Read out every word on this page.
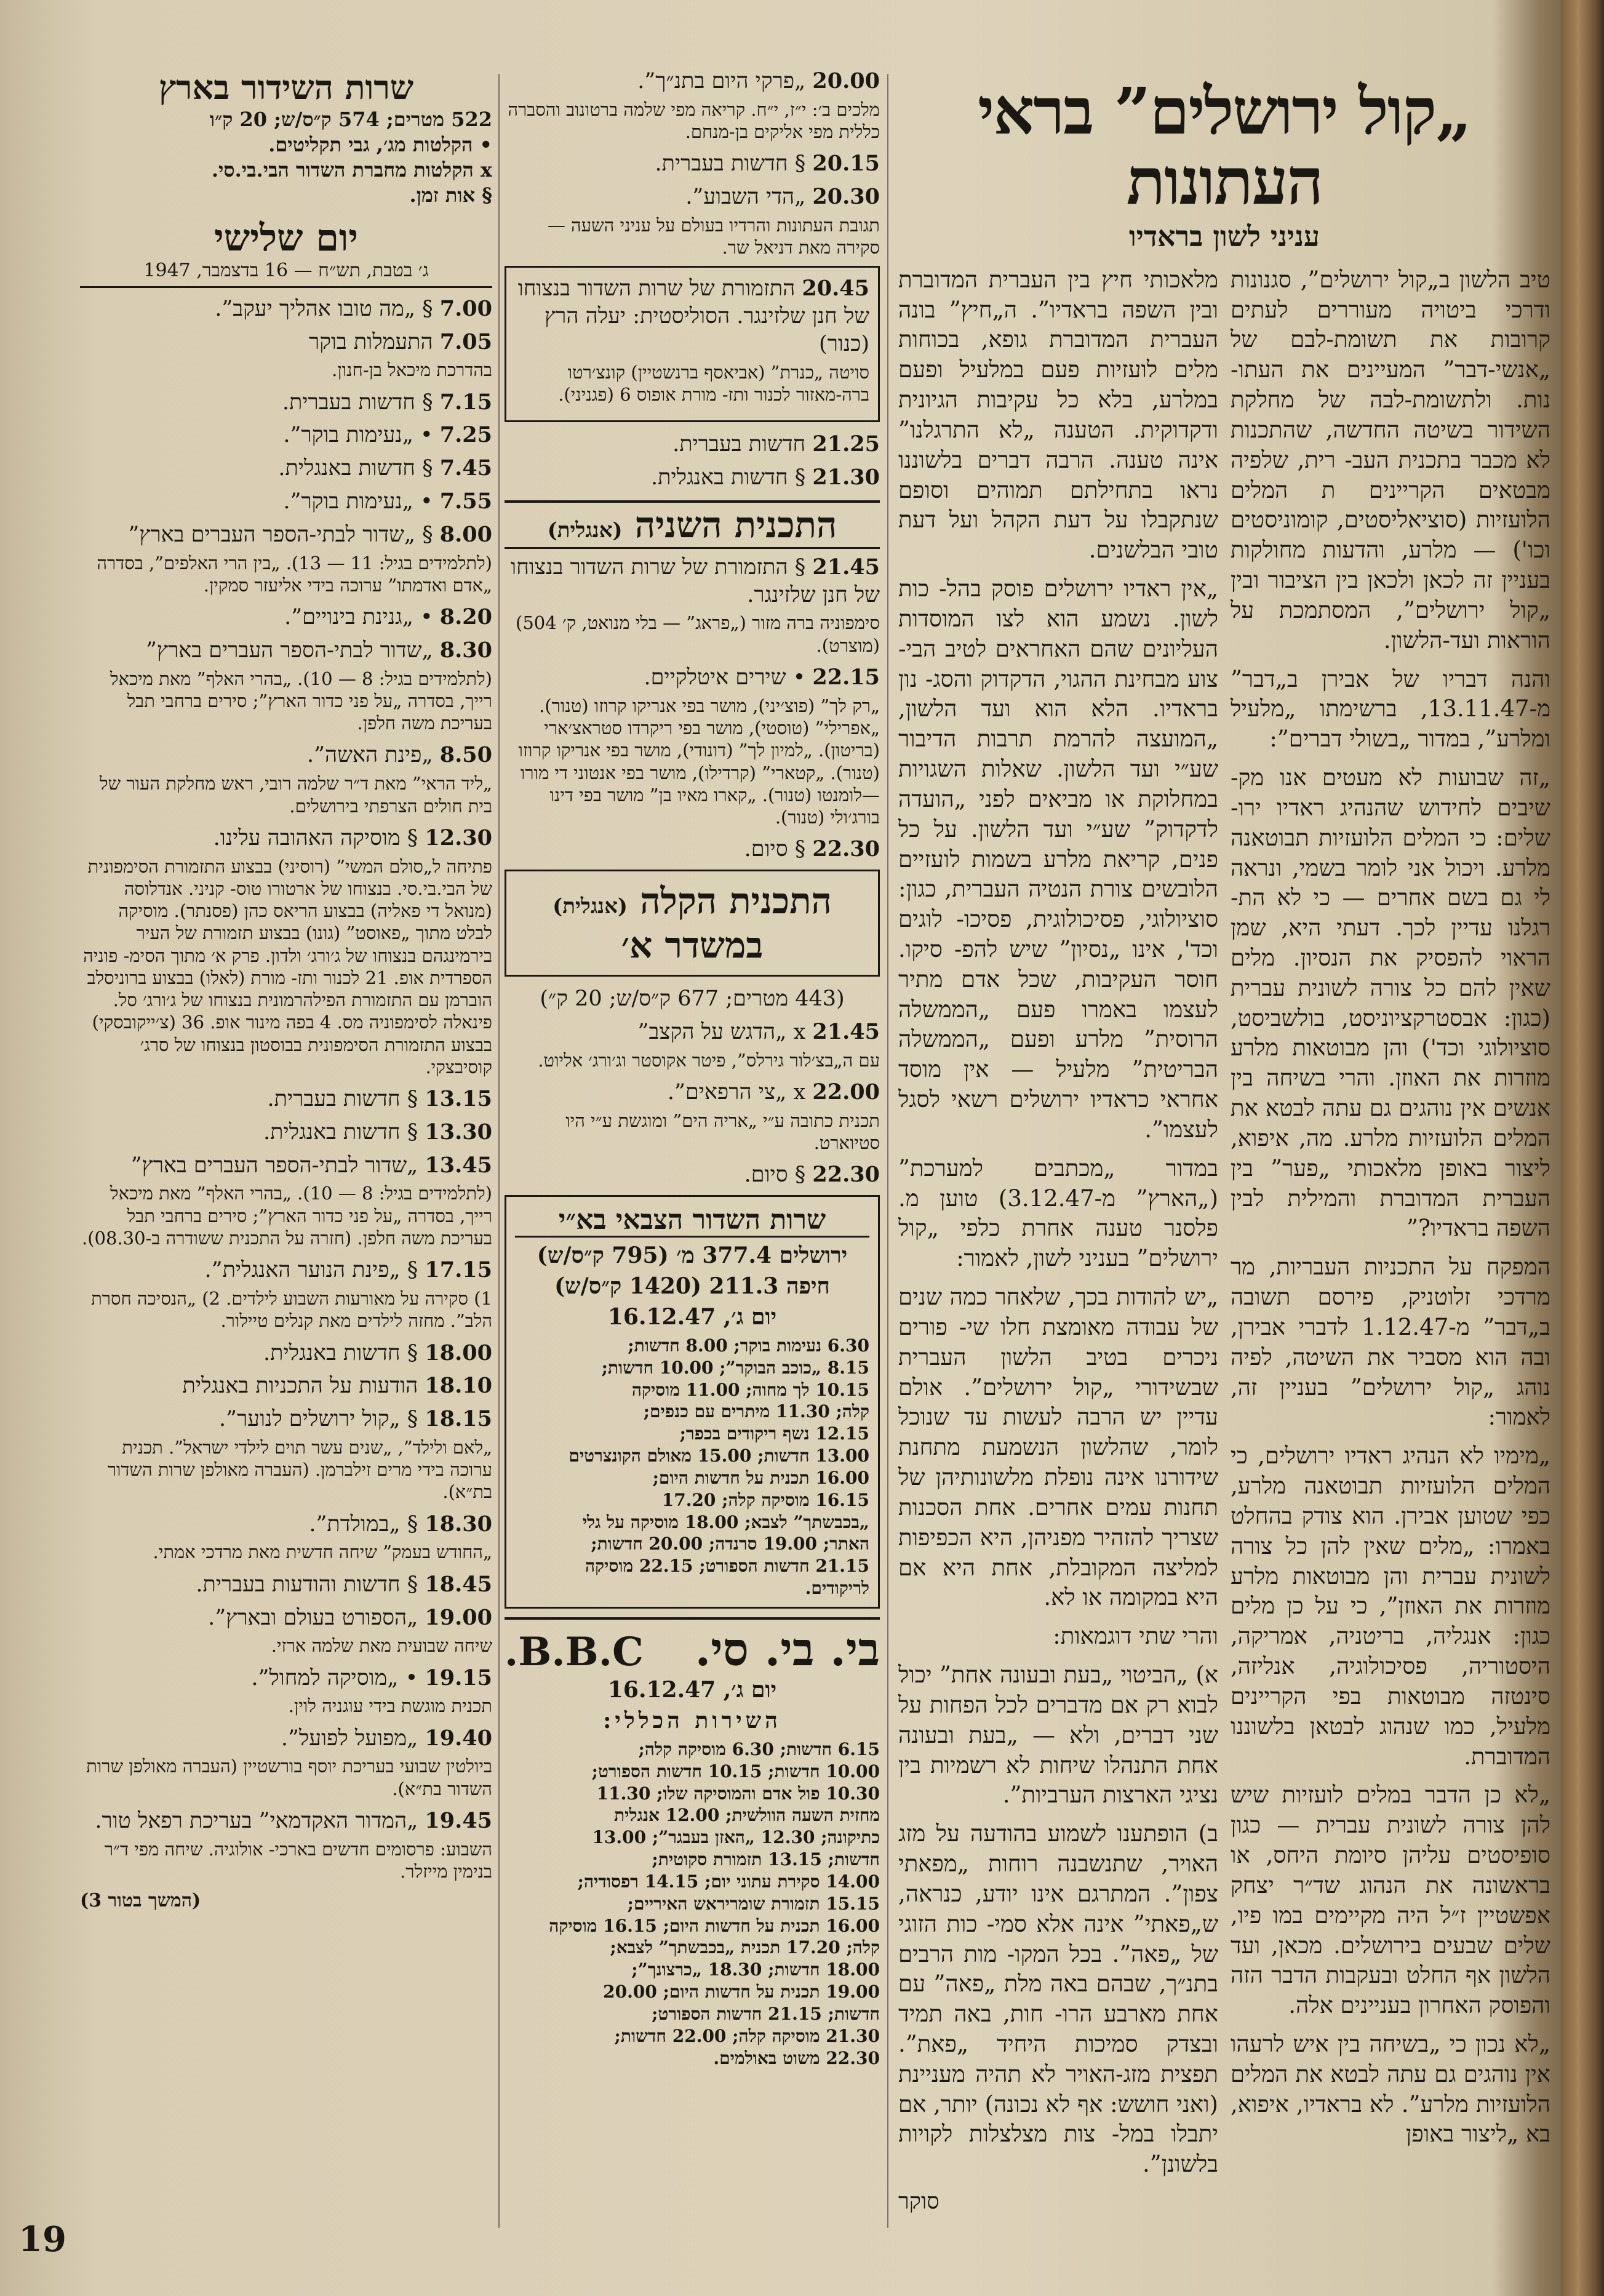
„קול ירושלים” בראי העתונות
עניני לשון בראדיו

טיב הלשון ב„קול ירושלים”, סגנונות ודרכי ביטויה מעוררים לעתים קרובות את תשומת-לבם של „אנשי-דבר” המעיינים את העתו- נות. ולתשומת-לבה של מחלקת השידור בשיטה החדשה, שהתכנות לא מכבר בתכנית העב- רית, שלפיה מבטאים הקריינים ת המלים הלועזיות (סוציאליסטים, קומוניסטים וכו') — מלרע, והדעות מחולקות בעניין זה לכאן ולכאן בין הציבור ובין „קול ירושלים”, המסתמכת על הוראות ועד-הלשון.

והנה דבריו של אבירן ב„דבר” מ-13.11.47, ברשימתו „מלעיל ומלרע”, במדור „בשולי דברים”:

„זה שבועות לא מעטים אנו מק- שיבים לחידוש שהנהיג ראדיו ירו- שלים: כי המלים הלועזיות תבוטאנה מלרע. ויכול אני לומר בשמי, ונראה לי גם בשם אחרים — כי לא הת- רגלנו עדיין לכך. דעתי היא, שמן הראוי להפסיק את הנסיון. מלים שאין להם כל צורה לשונית עברית (כגון: אבסטרקציוניסט, בולשביסט, סוציולוגי וכד') והן מבוטאות מלרע מוזרות את האוזן. והרי בשיחה בין אנשים אין נוהגים גם עתה לבטא את המלים הלועזיות מלרע. מה, איפוא, ליצור באופן מלאכותי „פער” בין העברית המדוברת והמילית לבין השפה בראדיו?”

המפקח על התכניות העבריות, מר מרדכי זלוטניק, פירסם תשובה ב„דבר” מ-1.12.47 לדברי אבירן, ובה הוא מסביר את השיטה, לפיה נוהג „קול ירושלים” בעניין זה, לאמור:

„מימיו לא הנהיג ראדיו ירושלים, כי המלים הלועזיות תבוטאנה מלרע, כפי שטוען אבירן. הוא צודק בהחלט באמרו: „מלים שאין להן כל צורה לשונית עברית והן מבוטאות מלרע מוזרות את האוזן”, כי על כן מלים כגון: אנגליה, בריטניה, אמריקה, היסטוריה, פסיכולוגיה, אנליזה, סינטזה מבוטאות בפי הקריינים מלעיל, כמו שנהוג לבטאן בלשוננו המדוברת.

„לא כן הדבר במלים לועזיות שיש להן צורה לשונית עברית — כגון סופיסטים עליהן סיומת היחס, או בראשונה את הנהוג שד״ר יצחק אפשטיין ז״ל היה מקיימים במו פיו, שלים שבעים בירושלים. מכאן, ועד הלשון אף החלט ובעקבות הדבר הזה והפוסק האחרון בעניינים אלה.

„לא נכון כי „בשיחה בין איש לרעהו אין נוהגים גם עתה לבטא את המלים הלועזיות מלרע”. לא בראדיו, איפוא, בא „ליצור באופן

מלאכותי חיץ בין העברית המדוברת ובין השפה בראדיו”. ה„חיץ” בונה העברית המדוברת גופא, בכוחות מלים לועזיות פעם במלעיל ופעם במלרע, בלא כל עקיבות הגיונית ודקדוקית. הטענה „לא התרגלנו” אינה טענה. הרבה דברים בלשוננו נראו בתחילתם תמוהים וסופם שנתקבלו על דעת הקהל ועל דעת טובי הבלשנים.

„אין ראדיו ירושלים פוסק בהל- כות לשון. נשמע הוא לצו המוסדות העליונים שהם האחראים לטיב הבי- צוע מבחינת ההגוי, הדקדוק והסג- נון בראדיו. הלא הוא ועד הלשון, „המועצה להרמת תרבות הדיבור שע״י ועד הלשון. שאלות השגויות במחלוקת או מביאים לפני „הועדה לדקדוק” שע״י ועד הלשון. על כל פנים, קריאת מלרע בשמות לועזיים הלובשים צורת הנטיה העברית, כגון: סוציולוגי, פסיכולוגית, פסיכו- לוגים וכד', אינו „נסיון” שיש להפ- סיקו. חוסר העקיבות, שכל אדם מתיר לעצמו באמרו פעם „הממשלה הרוסית” מלרע ופעם „הממשלה הבריטית” מלעיל — אין מוסד אחראי כראדיו ירושלים רשאי לסגל לעצמו”.

במדור „מכתבים למערכת” („הארץ” מ-3.12.47) טוען מ. פלסנר טענה אחרת כלפי „קול ירושלים” בעניני לשון, לאמור:

„יש להודות בכך, שלאחר כמה שנים של עבודה מאומצת חלו שי- פורים ניכרים בטיב הלשון העברית שבשידורי „קול ירושלים”. אולם עדיין יש הרבה לעשות עד שנוכל לומר, שהלשון הנשמעת מתחנת שידורנו אינה נופלת מלשונותיהן של תחנות עמים אחרים. אחת הסכנות שצריך להזהיר מפניהן, היא הכפיפות למליצה המקובלת, אחת היא אם היא במקומה או לא.

והרי שתי דוגמאות:

א) „הביטוי „בעת ובעונה אחת” יכול לבוא רק אם מדברים לכל הפחות על שני דברים, ולא — „בעת ובעונה אחת התנהלו שיחות לא רשמיות בין נציגי הארצות הערביות”.

ב) הופתענו לשמוע בהודעה על מזג האויר, שתנשבנה רוחות „מפאתי צפון”. המתרגם אינו יודע, כנראה, ש„פאתי” אינה אלא סמי- כות הזוגי של „פאה”. בכל המקו- מות הרבים בתנ״ך, שבהם באה מלת „פאה” עם אחת מארבע הרו- חות, באה תמיד ובצדק סמיכות היחיד „פאת”. תפצית מזג-האויר לא תהיה מעניינת (ואני חושש: אף לא נכונה) יותר, אם יתבלו במל- צות מצלצלות לקויות בלשונן”.

סוקר
20.00 „פרקי היום בתנ״ך”.
מלכים ב׳: י״ז, י״ח. קריאה מפי שלמה ברטונוב והסברה כללית מפי אליקים בן-מנחם.
20.15 § חדשות בעברית.
20.30 „הדי השבוע”.
תגובת העתונות והרדיו בעולם על עניני השעה — סקירה מאת דניאל שר.
20.45 התזמורת של שרות השדור בנצוחו של חנן שלזינגר. הסוליסטית: יעלה הרץ (כנור)
סויטה „כנרת” (אביאסף ברנשטיין) קונצ׳רטו ברה-מאזור לכנור ותז- מורת אופוס 6 (פגניני).
21.25 חדשות בעברית.
21.30 § חדשות באנגלית.
התכנית השניה (אנגלית)
21.45 § התזמורת של שרות השדור בנצוחו של חנן שלזינגר.
סימפוניה ברה מזור („פראג” — בלי מנואט, ק׳ 504) (מוצרט).
22.15 • שירים איטלקיים.
„רק לך” (פוצ׳יני), מושר בפי אנריקו קרוזו (טנור). „אפרילי” (טוסטי), מושר בפי ריקרדו סטראצ׳ארי (בריטון). „למיון לך” (דונודי), מושר בפי אנריקו קרוזו (טנור). „קטארי” (קרדילו), מושר בפי אנטוני די מורו—לומנטו (טנור). „קארו מאיו בן” מושר בפי דינו בורג׳ולי (טנור).
22.30 § סיום.
התכנית הקלה (אנגלית)
במשדר א׳
(443 מטרים; 677 ק״ס/ש; 20 ק״)
21.45 x „הדגש על הקצב”
עם ה„בצ׳לור גירלס”, פיטר אקוסטר וג׳ורג׳ אליוט.
22.00 x „צי הרפאים”.
תכנית כתובה ע״י „אריה הים” ומוגשת ע״י היו סטיוארט.
22.30 § סיום.
שרות השדור הצבאי בא״י
ירושלים 377.4 מ׳ (795 ק״ס/ש)
חיפה 211.3 (1420 ק״ס/ש)
יום ג׳, 16.12.47
6.30 נעימות בוקר; 8.00 חדשות;
8.15 „כוכב הבוקר”; 10.00 חדשות;
10.15 לך מחוה; 11.00 מוסיקה
קלה; 11.30 מיתרים עם כנפים;
12.15 נשף ריקודים בכפר;
13.00 חדשות; 15.00 מאולם הקונצרטים
16.00 תכנית על חדשות היום;
16.15 מוסיקה קלה; 17.20
„בכבשתך” לצבא; 18.00 מוסיקה על גלי
האתר; 19.00 סרנדה; 20.00 חדשות;
21.15 חדשות הספורט; 22.15 מוסיקה
לריקודים.
בי. בי. סי.
B.B.C.
יום ג׳, 16.12.47
השירות הכללי:
6.15 חדשות; 6.30 מוסיקה קלה;
10.00 חדשות; 10.15 חדשות הספורט;
10.30 פול אדם והמוסיקה שלו; 11.30
מחזית השעה הוולשית; 12.00 אנגלית
כתיקונה; 12.30 „האזן בעבגר”; 13.00
חדשות; 13.15 תזמורת סקוטית;
14.00 סקירת עתוני יום; 14.15 רפסודיה;
15.15 תזמורת שומריראש האיריים;
16.00 תכנית על חדשות היום; 16.15 מוסיקה
קלה; 17.20 תכנית „בכבשתך” לצבא;
18.00 חדשות; 18.30 „כרצונך”;
19.00 תכנית על חדשות היום; 20.00
חדשות; 21.15 חדשות הספורט;
21.30 מוסיקה קלה; 22.00 חדשות;
22.30 משוט באולמים.
שרות השידור בארץ
522 מטרים; 574 ק״ס/ש; 20 ק״ו
• הקלטות מג׳, גבי תקליטים.
x הקלטות מחברת השדור הבי.בי.סי.
§ אות זמן.
יום שלישי
ג׳ בטבת, תש״ח — 16 בדצמבר, 1947
7.00 § „מה טובו אהליך יעקב”.
7.05 התעמלות בוקר
בהדרכת מיכאל בן-חנון.
7.15 § חדשות בעברית.
7.25 • „נעימות בוקר”.
7.45 § חדשות באנגלית.
7.55 • „נעימות בוקר”.
8.00 § „שדור לבתי-הספר העברים בארץ”
(לתלמידים בגיל: 11 — 13). „בין הרי האלפים”, בסדרה „אדם ואדמתו” ערוכה בידי אליעזר סמקין.
8.20 • „גנינת בינויים”.
8.30 „שדור לבתי-הספר העברים בארץ”
(לתלמידים בגיל: 8 — 10). „בהרי האלף” מאת מיכאל רייך, בסדרה „על פני כדור הארץ”; סירים ברחבי תבל בעריכת משה חלפן.
8.50 „פינת האשה”.
„ליד הראי” מאת ד״ר שלמה רובי, ראש מחלקת העור של בית חולים הצרפתי בירושלים.
12.30 § מוסיקה האהובה עלינו.
פתיחה ל„סולם המשי” (רוסיני) בבצוע התזמורת הסימפונית של הבי.בי.סי. בנצוחו של ארטורו טוס- קניני. אנדלוסה (מנואל די פאליה) בבצוע הריאס כהן (פסנתר). מוסיקה לבלט מתוך „פאוסט” (גונו) בבצוע תזמורת של העיר בירמינגהם בנצוחו של ג׳ורג׳ ולדון. פרק א׳ מתוך הסימ- פוניה הספרדית אופ. 21 לכנור ותז- מורת (לאלו) בבצוע ברוניסלב הוברמן עם התזמורת הפילהרמונית בנצוחו של ג׳ורג׳ סל. פינאלה לסימפוניה מס. 4 בפה מינור אופ. 36 (צ׳ייקובסקי) בבצוע התזמורת הסימפונית בבוסטון בנצוחו של סרג׳ קוסיבצקי.
13.15 § חדשות בעברית.
13.30 § חדשות באנגלית.
13.45 „שדור לבתי-הספר העברים בארץ”
(לתלמידים בגיל: 8 — 10). „בהרי האלף” מאת מיכאל רייך, בסדרה „על פני כדור הארץ”; סירים ברחבי תבל בעריכת משה חלפן. (חזרה על התכנית ששודרה ב-08.30).
17.15 § „פינת הנוער האנגלית”.
1) סקירה על מאורעות השבוע לילדים. 2) „הנסיכה חסרת הלב”. מחזה לילדים מאת קנלים טיילור.
18.00 § חדשות באנגלית.
18.10 הודעות על התכניות באנגלית
18.15 § „קול ירושלים לנוער”.
„לאם ולילד”, „שנים עשר תוים לילדי ישראל”. תכנית ערוכה בידי מרים זילברמן. (העברה מאולפן שרות השדור בת״א).
18.30 § „במולדת”.
„החודש בעמק” שיחה חדשית מאת מרדכי אמתי.
18.45 § חדשות והודעות בעברית.
19.00 „הספורט בעולם ובארץ”.
שיחה שבועית מאת שלמה ארזי.
19.15 • „מוסיקה למחול”.
תכנית מוגשת בידי עוגניה לוין.
19.40 „מפועל לפועל”.
ביולטין שבועי בעריכת יוסף בורשטיין (העברה מאולפן שרות השדור בת״א).
19.45 „המדור האקדמאי” בעריכת רפאל טור.
השבוע: פרסומים חדשים בארכי- אולוגיה. שיחה מפי ד״ר בנימין מייזלר.
(המשך בטור 3)
19
